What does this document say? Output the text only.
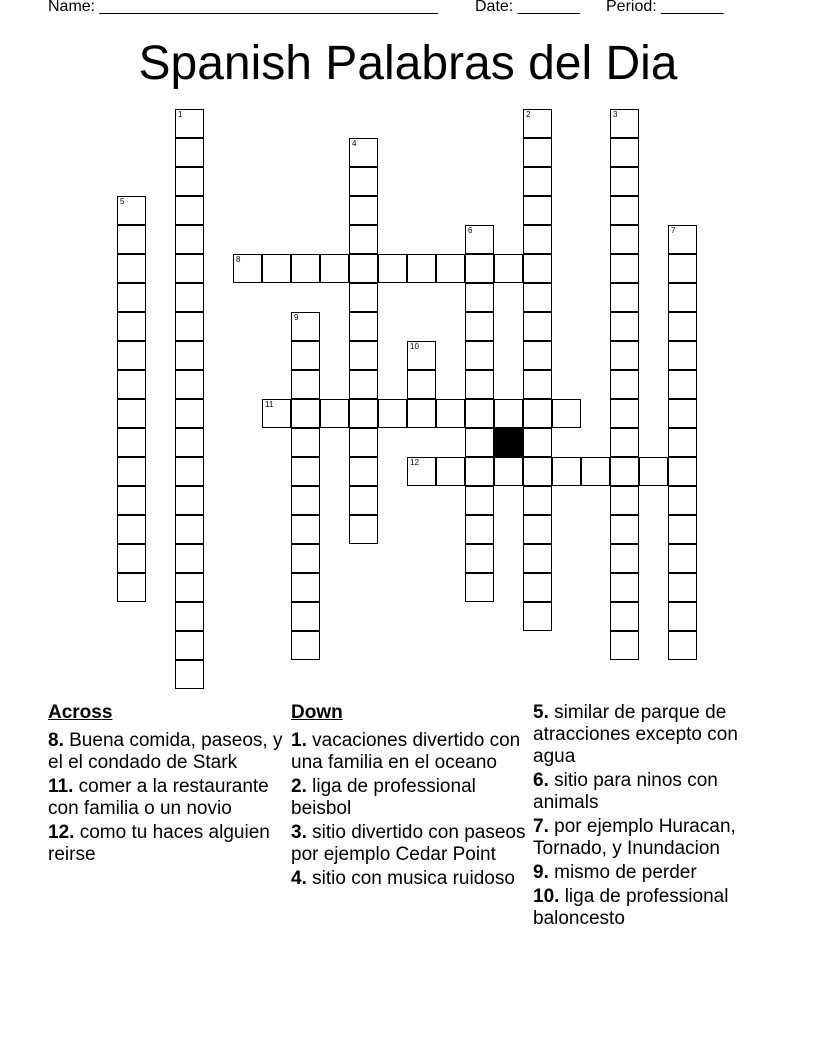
Name: ______________________________________ Date: _______ Period: _______
Spanish Palabras del Dia
1	2	3
4
5
6	7
8
9
10
11
12
Across
8. Buena comida, paseos, y el el condado de Stark
11. comer a la restaurante con familia o un novio
12. como tu haces alguien reirse
Down
1. vacaciones divertido con una familia en el oceano
2. liga de professional beisbol
3. sitio divertido con paseos por ejemplo Cedar Point
4. sitio con musica ruidoso
5. similar de parque de atracciones excepto con agua
6. sitio para ninos con animals
7. por ejemplo Huracan, Tornado, y Inundacion
9. mismo de perder
10. liga de professional baloncesto
